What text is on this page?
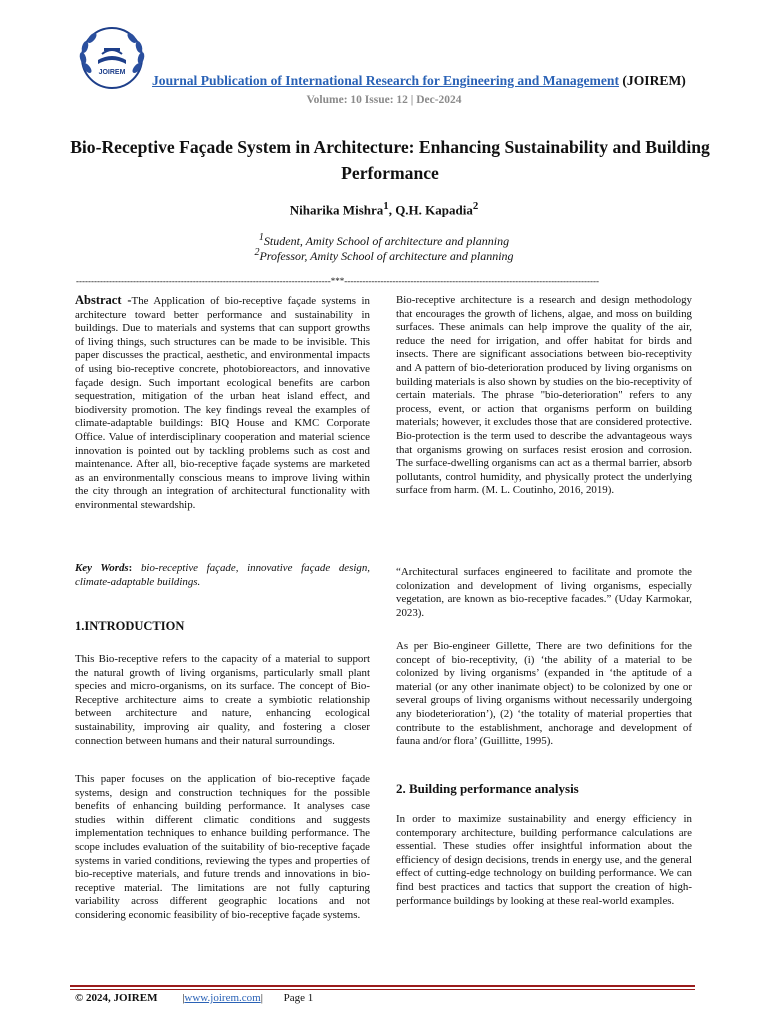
JOIREM
Journal Publication of International Research for Engineering and Management (JOIREM)
Volume: 10 Issue: 12 | Dec-2024
Bio-Receptive Façade System in Architecture: Enhancing Sustainability and Building Performance
Niharika Mishra$^1$, Q.H. Kapadia$^2$
$^1$Student, Amity School of architecture and planning
$^2$Professor, Amity School of architecture and planning
-------------------------------------------------------------------------------------***-------------------------------------------------------------------------------------

Abstract -The Application of bio-receptive façade systems in architecture toward better performance and sustainability in buildings. Due to materials and systems that can support growths of living things, such structures can be made to be invisible. This paper discusses the practical, aesthetic, and environmental impacts of using bio-receptive concrete, photobioreactors, and innovative façade design. Such important ecological benefits are carbon sequestration, mitigation of the urban heat island effect, and biodiversity promotion. The key findings reveal the examples of climate-adaptable buildings: BIQ House and KMC Corporate Office. Value of interdisciplinary cooperation and material science innovation is pointed out by tackling problems such as cost and maintenance. After all, bio-receptive façade systems are marketed as an environmentally conscious means to improve living within the city through an integration of architectural functionality with environmental stewardship.

Key Words: bio-receptive façade, innovative façade design, climate-adaptable buildings.

1.INTRODUCTION

This Bio-receptive refers to the capacity of a material to support the natural growth of living organisms, particularly small plant species and micro-organisms, on its surface. The concept of Bio-Receptive architecture aims to create a symbiotic relationship between architecture and nature, enhancing ecological sustainability, improving air quality, and fostering a closer connection between humans and their natural surroundings.

This paper focuses on the application of bio-receptive façade systems, design and construction techniques for the possible benefits of enhancing building performance. It analyses case studies within different climatic conditions and suggests implementation techniques to enhance building performance. The scope includes evaluation of the suitability of bio-receptive façade systems in varied conditions, reviewing the types and properties of bio-receptive materials, and future trends and innovations in bio-receptive material. The limitations are not fully capturing variability across different geographic locations and not considering economic feasibility of bio-receptive façade systems.

Bio-receptive architecture is a research and design methodology that encourages the growth of lichens, algae, and moss on building surfaces. These animals can help improve the quality of the air, reduce the need for irrigation, and offer habitat for birds and insects. There are significant associations between bio-receptivity and A pattern of bio-deterioration produced by living organisms on building materials is also shown by studies on the bio-receptivity of certain materials. The phrase "bio-deterioration" refers to any process, event, or action that organisms perform on building materials; however, it excludes those that are considered protective. Bio-protection is the term used to describe the advantageous ways that organisms growing on surfaces resist erosion and corrosion. The surface-dwelling organisms can act as a thermal barrier, absorb pollutants, control humidity, and physically protect the underlying surface from harm. (M. L. Coutinho, 2016, 2019).

“Architectural surfaces engineered to facilitate and promote the colonization and development of living organisms, especially vegetation, are known as bio-receptive facades.” (Uday Karmokar, 2023).

As per Bio-engineer Gillette, There are two definitions for the concept of bio-receptivity, (i) ‘the ability of a material to be colonized by living organisms’ (expanded in ‘the aptitude of a material (or any other inanimate object) to be colonized by one or several groups of living organisms without necessarily undergoing any biodeterioration’), (2) ‘the totality of material properties that contribute to the establishment, anchorage and development of fauna and/or flora’ (Guillitte, 1995).

2. Building performance analysis

In order to maximize sustainability and energy efficiency in contemporary architecture, building performance calculations are essential. These studies offer insightful information about the efficiency of design decisions, trends in energy use, and the general effect of cutting-edge technology on building performance. We can find best practices and tactics that support the creation of high-performance buildings by looking at these real-world examples.

© 2024, JOIREM |www.joirem.com| Page 1
